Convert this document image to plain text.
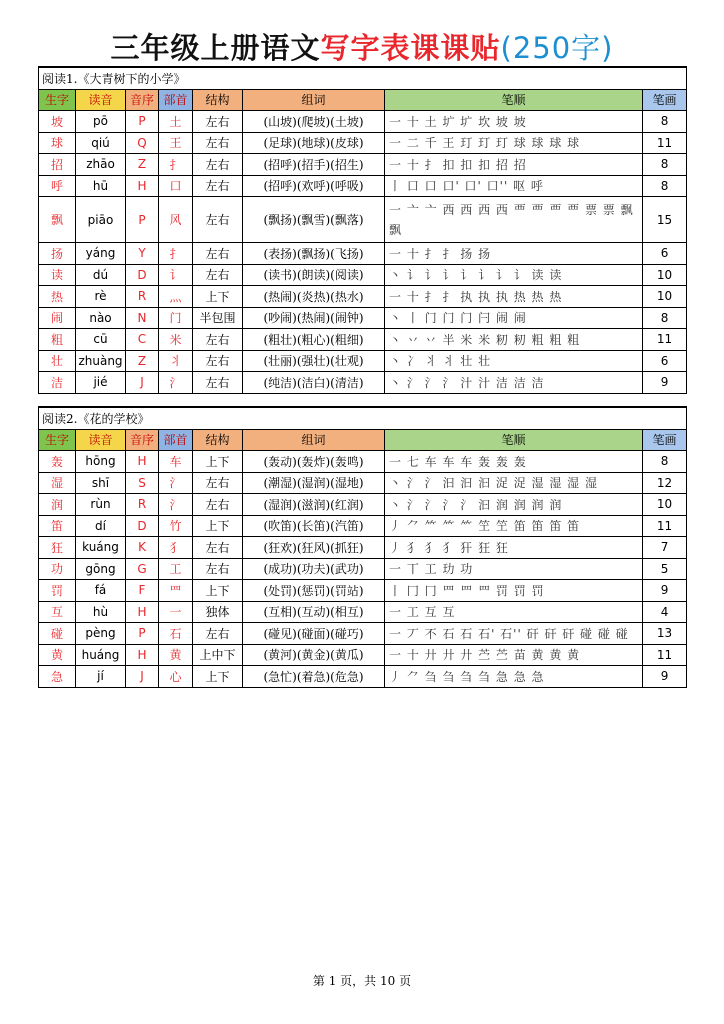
三年级上册语文写字表课课贴(250字)
阅读1.《大青树下的小学》							
生字	读音	音序	部首	结构	组词	笔顺	笔画
坡	pō	P	土	左右	(山坡)(爬坡)(土坡)	一 十 土 圹 圹 坎 坡 坡	8
球	qiú	Q	王	左右	(足球)(地球)(皮球)	一 二 千 王 玎 玎 玎 球 球 球 球	11
招	zhāo	Z	扌	左右	(招呼)(招手)(招生)	一 十 扌 扣 扣 扣 招 招	8
呼	hū	H	口	左右	(招呼)(欢呼)(呼吸)	丨 口 口 口' 口' 口'' 呕 呼	8
飘	piāo	P	风	左右	(飘扬)(飘雪)(飘落)	一 亠 亠 西 西 西 西 覀 覀 覀 覀 票 票 飘 飘	15
扬	yáng	Y	扌	左右	(表扬)(飘扬)(飞扬)	一 十 扌 扌 扬 扬	6
读	dú	D	讠	左右	(读书)(朗读)(阅读)	丶 讠 讠 讠 讠 讠 讠 讠 读 读	10
热	rè	R	灬	上下	(热闹)(炎热)(热水)	一 十 扌 扌 执 执 执 热 热 热	10
闹	nào	N	门	半包围	(吵闹)(热闹)(闹钟)	丶 丨 门 门 门 闩 闹 闹	8
粗	cū	C	米	左右	(粗壮)(粗心)(粗细)	丶 丷 丷 半 米 米 籾 籾 粗 粗 粗	11
壮	zhuàng	Z	丬	左右	(壮丽)(强壮)(壮观)	丶 冫 丬 丬 壮 壮	6
洁	jié	J	氵	左右	(纯洁)(洁白)(清洁)	丶 氵 氵 氵 汁 汁 洁 洁 洁	9
阅读2.《花的学校》							
生字	读音	音序	部首	结构	组词	笔顺	笔画
轰	hōng	H	车	上下	(轰动)(轰炸)(轰鸣)	一 七 车 车 车 轰 轰 轰	8
湿	shī	S	氵	左右	(潮湿)(湿润)(湿地)	丶 氵 氵 汩 汩 汩 浞 浞 湿 湿 湿 湿	12
润	rùn	R	氵	左右	(湿润)(滋润)(红润)	丶 氵 氵 氵 氵 汩 润 润 润 润	10
笛	dí	D	竹	上下	(吹笛)(长笛)(汽笛)	丿 ⺈ ⺮ ⺮ ⺮ 笁 笁 笛 笛 笛 笛	11
狂	kuáng	K	犭	左右	(狂欢)(狂风)(抓狂)	丿 犭 犭 犭 犴 狂 狂	7
功	gōng	G	工	左右	(成功)(功夫)(武功)	一 丅 工 玏 功	5
罚	fá	F	罒	上下	(处罚)(惩罚)(罚站)	丨 冂 冂 罒 罒 罒 罚 罚 罚	9
互	hù	H	一	独体	(互相)(互动)(相互)	一 工 互 互	4
碰	pèng	P	石	左右	(碰见)(碰面)(碰巧)	一 丆 不 石 石 石' 石'' 矸 矸 矸 碰 碰 碰	13
黄	huáng	H	黄	上中下	(黄河)(黄金)(黄瓜)	一 十 廾 廾 廾 苎 苎 苗 黄 黄 黄	11
急	jí	J	心	上下	(急忙)(着急)(危急)	丿 ⺈ 刍 刍 刍 刍 急 急 急	9
第 1 页，共 10 页
